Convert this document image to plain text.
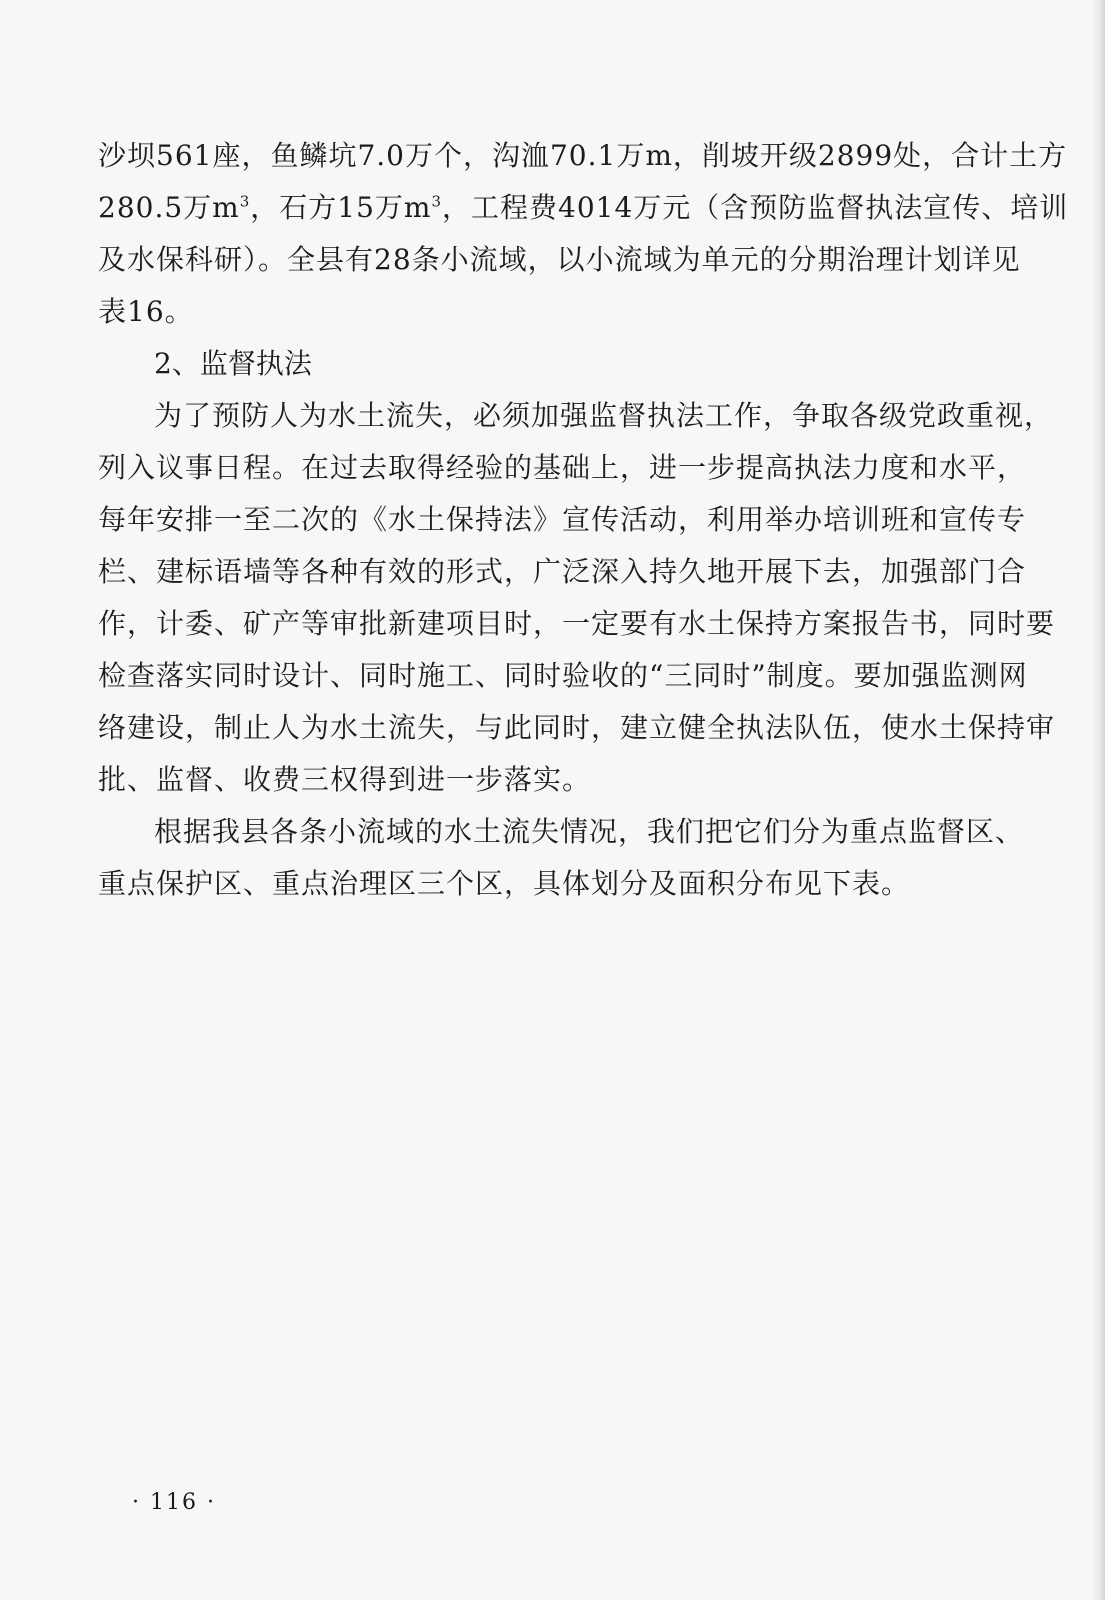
沙坝561座，鱼鳞坑7.0万个，沟洫70.1万m，削坡开级2899处，合计土方
280.5万$m^3$，石方15万$m^3$，工程费4014万元（含预防监督执法宣传、培训
及水保科研）。全县有28条小流域，以小流域为单元的分期治理计划详见
表16。
2、监督执法
为了预防人为水土流失，必须加强监督执法工作，争取各级党政重视，
列入议事日程。在过去取得经验的基础上，进一步提高执法力度和水平，
每年安排一至二次的《水土保持法》宣传活动，利用举办培训班和宣传专
栏、建标语墙等各种有效的形式，广泛深入持久地开展下去，加强部门合
作，计委、矿产等审批新建项目时，一定要有水土保持方案报告书，同时要
检查落实同时设计、同时施工、同时验收的“三同时”制度。要加强监测网
络建设，制止人为水土流失，与此同时，建立健全执法队伍，使水土保持审
批、监督、收费三权得到进一步落实。
根据我县各条小流域的水土流失情况，我们把它们分为重点监督区、
重点保护区、重点治理区三个区，具体划分及面积分布见下表。
· 116 ·
